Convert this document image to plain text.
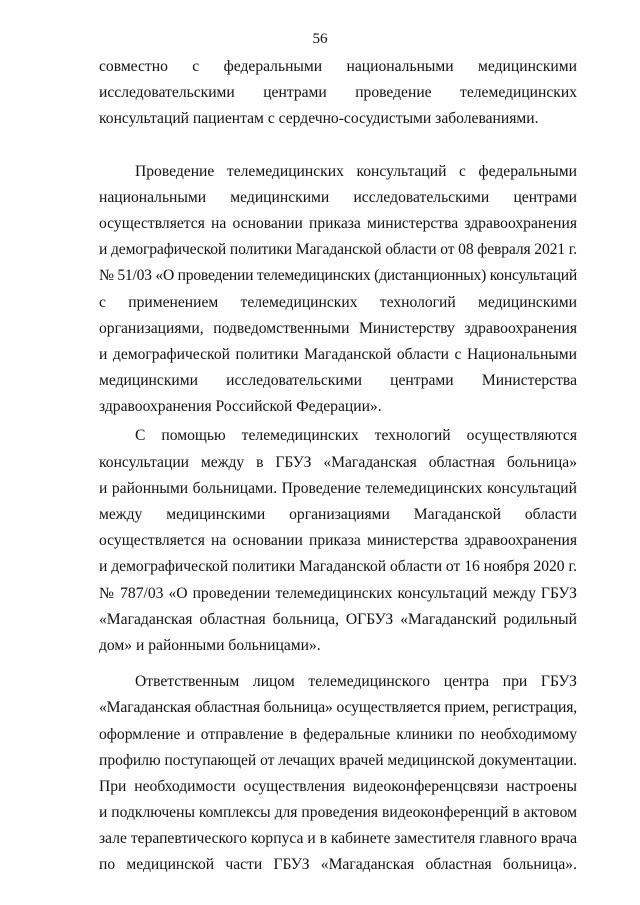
56
совместно с федеральными национальными медицинскими
исследовательскими центрами проведение телемедицинских
консультаций пациентам с сердечно-сосудистыми заболеваниями.
Проведение телемедицинских консультаций с федеральными
национальными медицинскими исследовательскими центрами
осуществляется на основании приказа министерства здравоохранения
и демографической политики Магаданской области от 08 февраля 2021 г.
№ 51/03 «О проведении телемедицинских (дистанционных) консультаций
с применением телемедицинских технологий медицинскими
организациями, подведомственными Министерству здравоохранения
и демографической политики Магаданской области с Национальными
медицинскими исследовательскими центрами Министерства
здравоохранения Российской Федерации».
С помощью телемедицинских технологий осуществляются
консультации между в ГБУЗ «Магаданская областная больница»
и районными больницами. Проведение телемедицинских консультаций
между медицинскими организациями Магаданской области
осуществляется на основании приказа министерства здравоохранения
и демографической политики Магаданской области от 16 ноября 2020 г.
№ 787/03 «О проведении телемедицинских консультаций между ГБУЗ
«Магаданская областная больница, ОГБУЗ «Магаданский родильный
дом» и районными больницами».
Ответственным лицом телемедицинского центра при ГБУЗ
«Магаданская областная больница» осуществляется прием, регистрация,
оформление и отправление в федеральные клиники по необходимому
профилю поступающей от лечащих врачей медицинской документации.
При необходимости осуществления видеоконференцсвязи настроены
и подключены комплексы для проведения видеоконференций в актовом
зале терапевтического корпуса и в кабинете заместителя главного врача
по медицинской части ГБУЗ «Магаданская областная больница».
